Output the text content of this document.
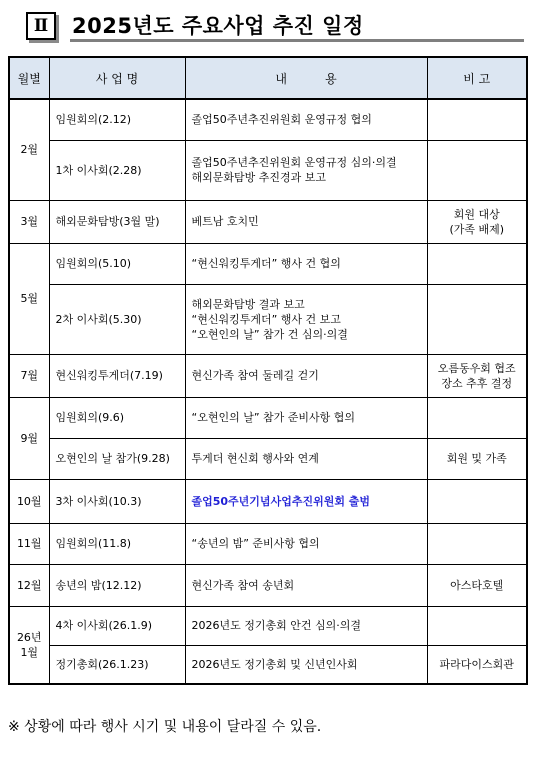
Ⅱ	2025년도 주요사업 추진 일정
월별	사 업 명	내          용	비 고
2월	임원회의(2.12)	졸업50주년추진위원회 운영규정 협의	
	1차 이사회(2.28)	졸업50주년추진위원회 운영규정 심의·의결
해외문화탐방 추진경과 보고	
3월	해외문화탐방(3월 말)	베트남 호치민	회원 대상
(가족 배제)
5월	임원회의(5.10)	“현신워킹투게더” 행사 건 협의	
	2차 이사회(5.30)	해외문화탐방 결과 보고
“현신워킹투게더” 행사 건 보고
“오현인의 날” 참가 건 심의·의결	
7월	현신워킹투게더(7.19)	현신가족 참여 둘레길 걷기	오름동우회 협조
장소 추후 결정
9월	임원회의(9.6)	“오현인의 날” 참가 준비사항 협의	
	오현인의 날 참가(9.28)	투게더 현신회 행사와 연계	회원 및 가족
10월	3차 이사회(10.3)	졸업50주년기념사업추진위원회 출범	
11월	임원회의(11.8)	“송년의 밤” 준비사항 협의	
12월	송년의 밤(12.12)	현신가족 참여 송년회	아스타호텔
26년
1월	4차 이사회(26.1.9)	2026년도 정기총회 안건 심의·의결	
	정기총회(26.1.23)	2026년도 정기총회 및 신년인사회	파라다이스회관
※ 상황에 따라 행사 시기 및 내용이 달라질 수 있음.
